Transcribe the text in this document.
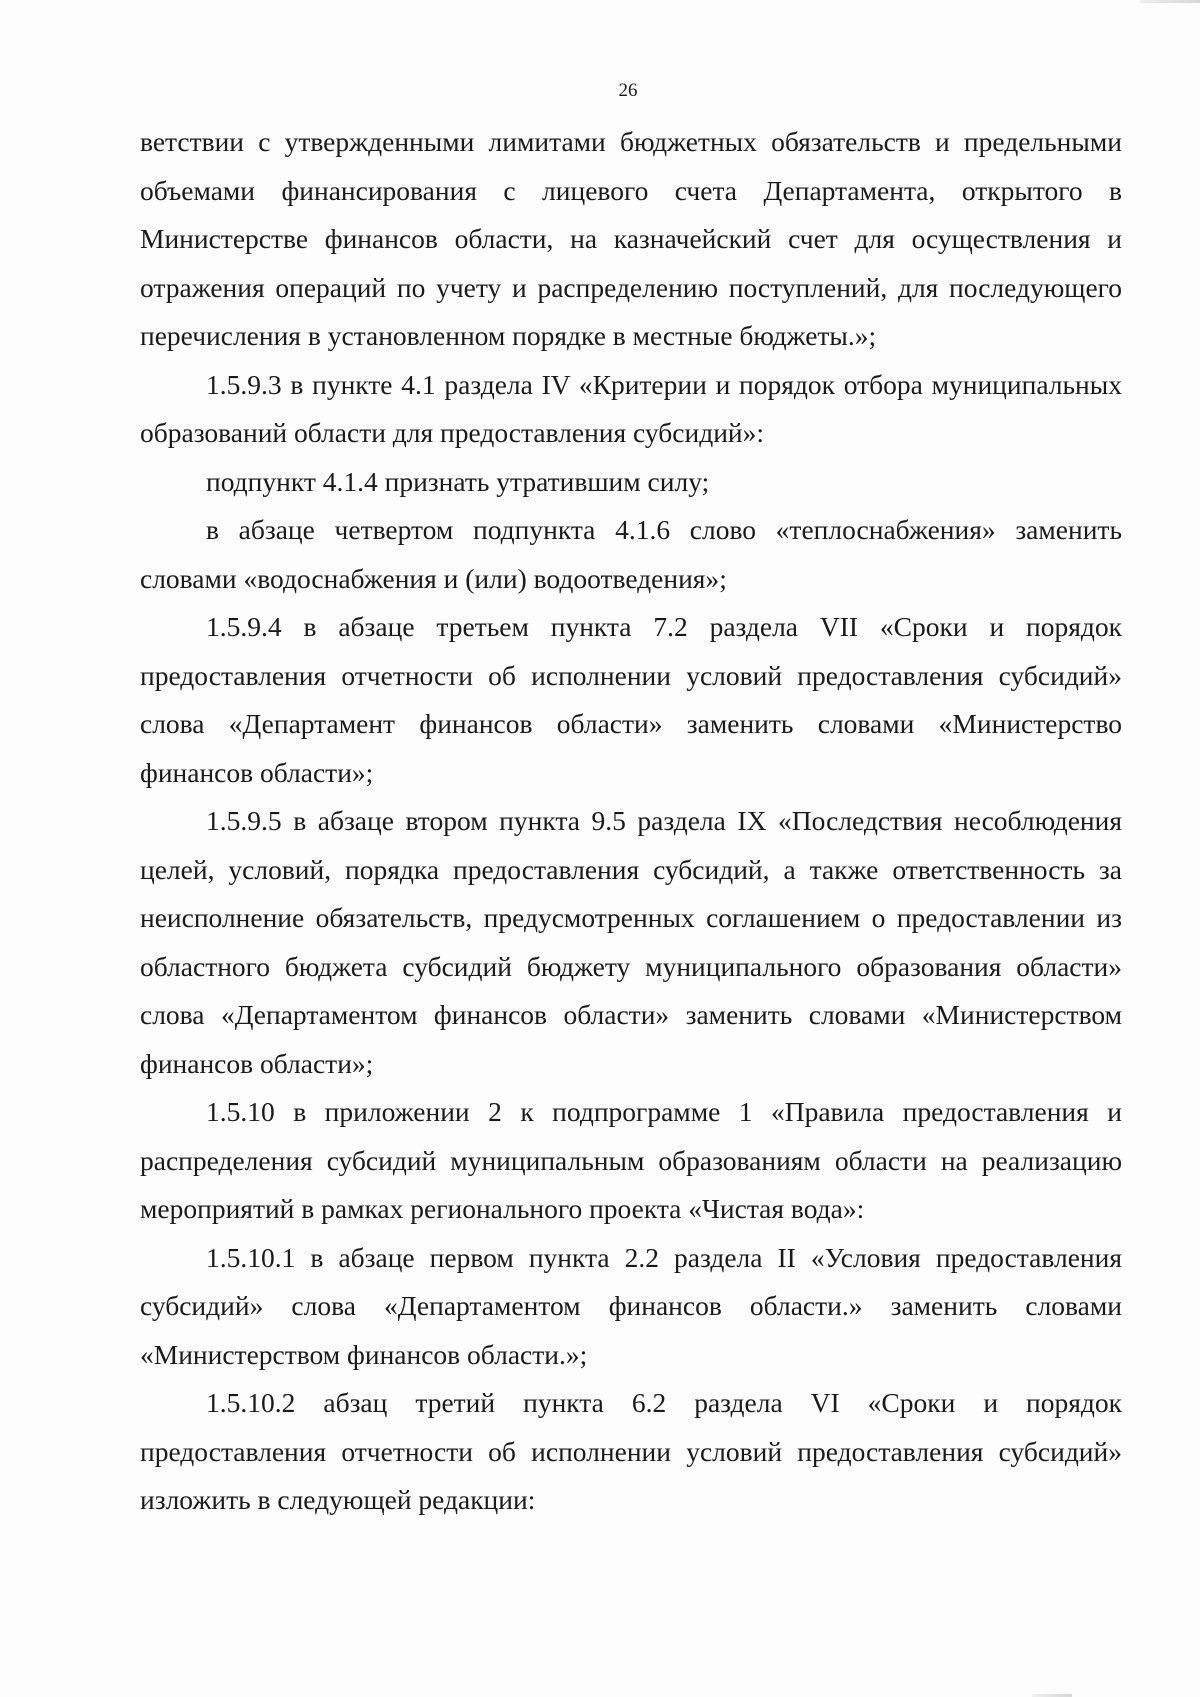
26

ветствии с утвержденными лимитами бюджетных обязательств и предельными объемами финансирования с лицевого счета Департамента, открытого в Министерстве финансов области, на казначейский счет для осуществления и отражения операций по учету и распределению поступлений, для последующего перечисления в установленном порядке в местные бюджеты.»;

1.5.9.3 в пункте 4.1 раздела IV «Критерии и порядок отбора муниципальных образований области для предоставления субсидий»:

подпункт 4.1.4 признать утратившим силу;

в абзаце четвертом подпункта 4.1.6 слово «теплоснабжения» заменить словами «водоснабжения и (или) водоотведения»;

1.5.9.4 в абзаце третьем пункта 7.2 раздела VII «Сроки и порядок предоставления отчетности об исполнении условий предоставления субсидий» слова «Департамент финансов области» заменить словами «Министерство финансов области»;

1.5.9.5 в абзаце втором пункта 9.5 раздела IX «Последствия несоблюдения целей, условий, порядка предоставления субсидий, а также ответственность за неисполнение обязательств, предусмотренных соглашением о предоставлении из областного бюджета субсидий бюджету муниципального образования области» слова «Департаментом финансов области» заменить словами «Министерством финансов области»;

1.5.10 в приложении 2 к подпрограмме 1 «Правила предоставления и распределения субсидий муниципальным образованиям области на реализацию мероприятий в рамках регионального проекта «Чистая вода»:

1.5.10.1 в абзаце первом пункта 2.2 раздела II «Условия предоставления субсидий» слова «Департаментом финансов области.» заменить словами «Министерством финансов области.»;

1.5.10.2 абзац третий пункта 6.2 раздела VI «Сроки и порядок предоставления отчетности об исполнении условий предоставления субсидий» изложить в следующей редакции:
